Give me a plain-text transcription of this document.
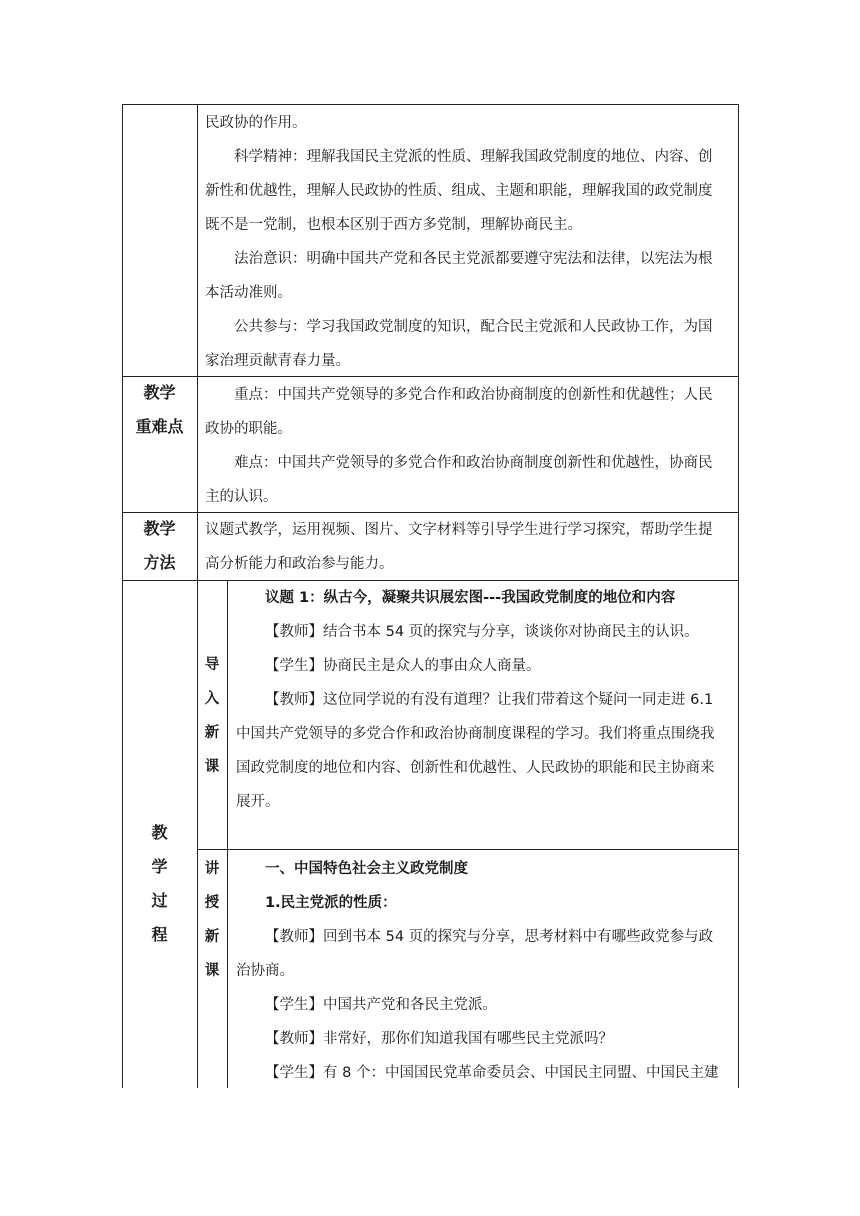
民政协的作用。
科学精神：理解我国民主党派的性质、理解我国政党制度的地位、内容、创
新性和优越性，理解人民政协的性质、组成、主题和职能，理解我国的政党制度
既不是一党制，也根本区别于西方多党制，理解协商民主。
法治意识：明确中国共产党和各民主党派都要遵守宪法和法律，以宪法为根
本活动准则。
公共参与：学习我国政党制度的知识，配合民主党派和人民政协工作，为国
家治理贡献青春力量。
教学
重难点
重点：中国共产党领导的多党合作和政治协商制度的创新性和优越性；人民
政协的职能。
难点：中国共产党领导的多党合作和政治协商制度创新性和优越性，协商民
主的认识。
教学
方法
议题式教学，运用视频、图片、文字材料等引导学生进行学习探究，帮助学生提
高分析能力和政治参与能力。
教
学
过
程
导
入
新
课
议题 1：纵古今，凝聚共识展宏图---我国政党制度的地位和内容
【教师】结合书本 54 页的探究与分享，谈谈你对协商民主的认识。
【学生】协商民主是众人的事由众人商量。
【教师】这位同学说的有没有道理？让我们带着这个疑问一同走进 6.1
中国共产党领导的多党合作和政治协商制度课程的学习。我们将重点围绕我
国政党制度的地位和内容、创新性和优越性、人民政协的职能和民主协商来
展开。
讲
授
新
课
一、中国特色社会主义政党制度
1.民主党派的性质：
【教师】回到书本 54 页的探究与分享，思考材料中有哪些政党参与政
治协商。
【学生】中国共产党和各民主党派。
【教师】非常好，那你们知道我国有哪些民主党派吗？
【学生】有 8 个：中国国民党革命委员会、中国民主同盟、中国民主建
